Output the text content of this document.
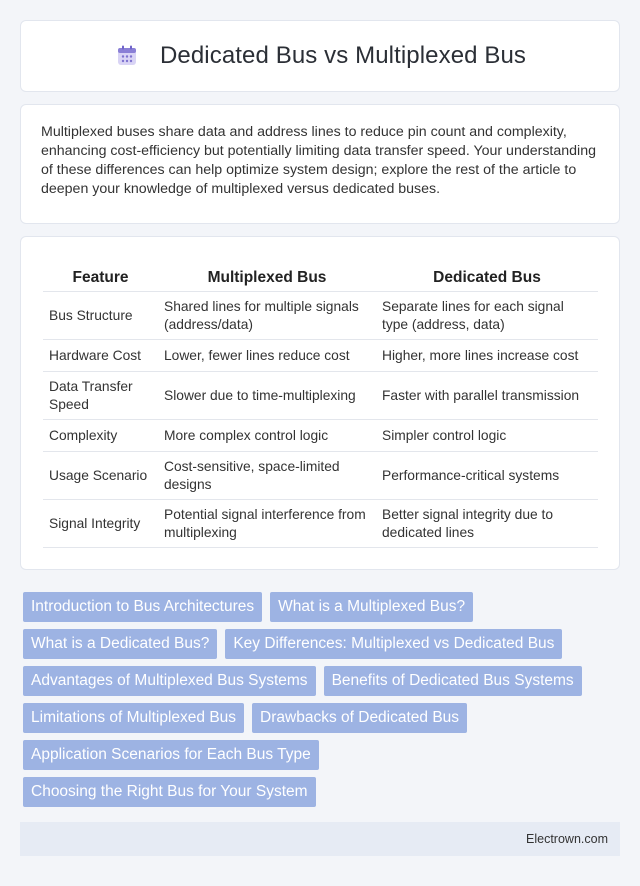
Dedicated Bus vs Multiplexed Bus

Multiplexed buses share data and address lines to reduce pin count and complexity, enhancing cost-efficiency but potentially limiting data transfer speed. Your understanding of these differences can help optimize system design; explore the rest of the article to deepen your knowledge of multiplexed versus dedicated buses.

Feature	Multiplexed Bus	Dedicated Bus
Bus Structure	Shared lines for multiple signals (address/data)	Separate lines for each signal type (address, data)
Hardware Cost	Lower, fewer lines reduce cost	Higher, more lines increase cost
Data Transfer Speed	Slower due to time-multiplexing	Faster with parallel transmission
Complexity	More complex control logic	Simpler control logic
Usage Scenario	Cost-sensitive, space-limited designs	Performance-critical systems
Signal Integrity	Potential signal interference from multiplexing	Better signal integrity due to dedicated lines
Introduction to Bus Architectures	What is a Multiplexed Bus?
What is a Dedicated Bus?	Key Differences: Multiplexed vs Dedicated Bus
Advantages of Multiplexed Bus Systems	Benefits of Dedicated Bus Systems
Limitations of Multiplexed Bus	Drawbacks of Dedicated Bus
Application Scenarios for Each Bus Type
Choosing the Right Bus for Your System
Electrown.com
